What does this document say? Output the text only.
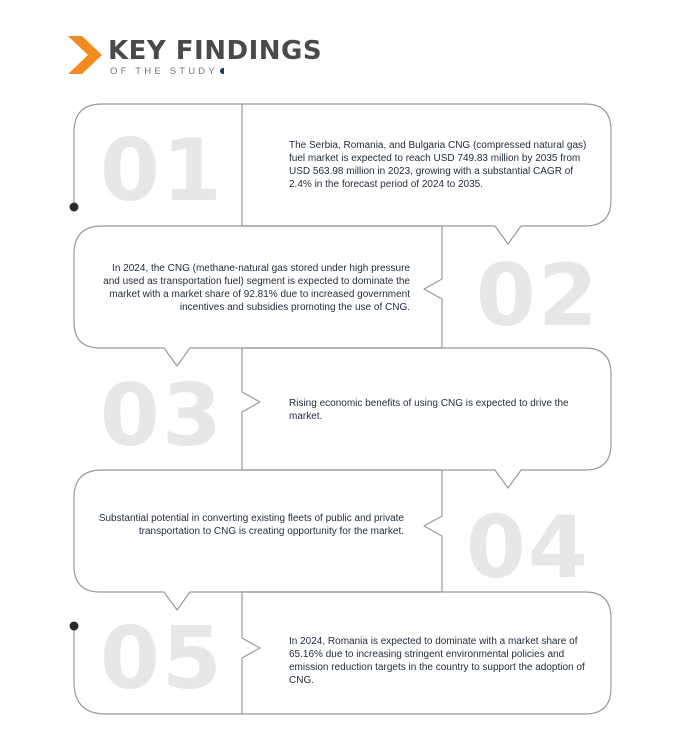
KEY FINDINGS
OF THE STUDY
01	The Serbia, Romania, and Bulgaria CNG (compressed natural gas) fuel market is expected to reach USD 749.83 million by 2035 from USD 563.98 million in 2023, growing with a substantial CAGR of 2.4% in the forecast period of 2024 to 2035.

02

In 2024, the CNG (methane-natural gas stored under high pressure and used as transportation fuel) segment is expected to dominate the market with a market share of 92.81% due to increased government incentives and subsidies promoting the use of CNG.

03	Rising economic benefits of using CNG is expected to drive the market.

04

Substantial potential in converting existing fleets of public and private transportation to CNG is creating opportunity for the market.

05	In 2024, Romania is expected to dominate with a market share of 65.16% due to increasing stringent environmental policies and emission reduction targets in the country to support the adoption of CNG.
